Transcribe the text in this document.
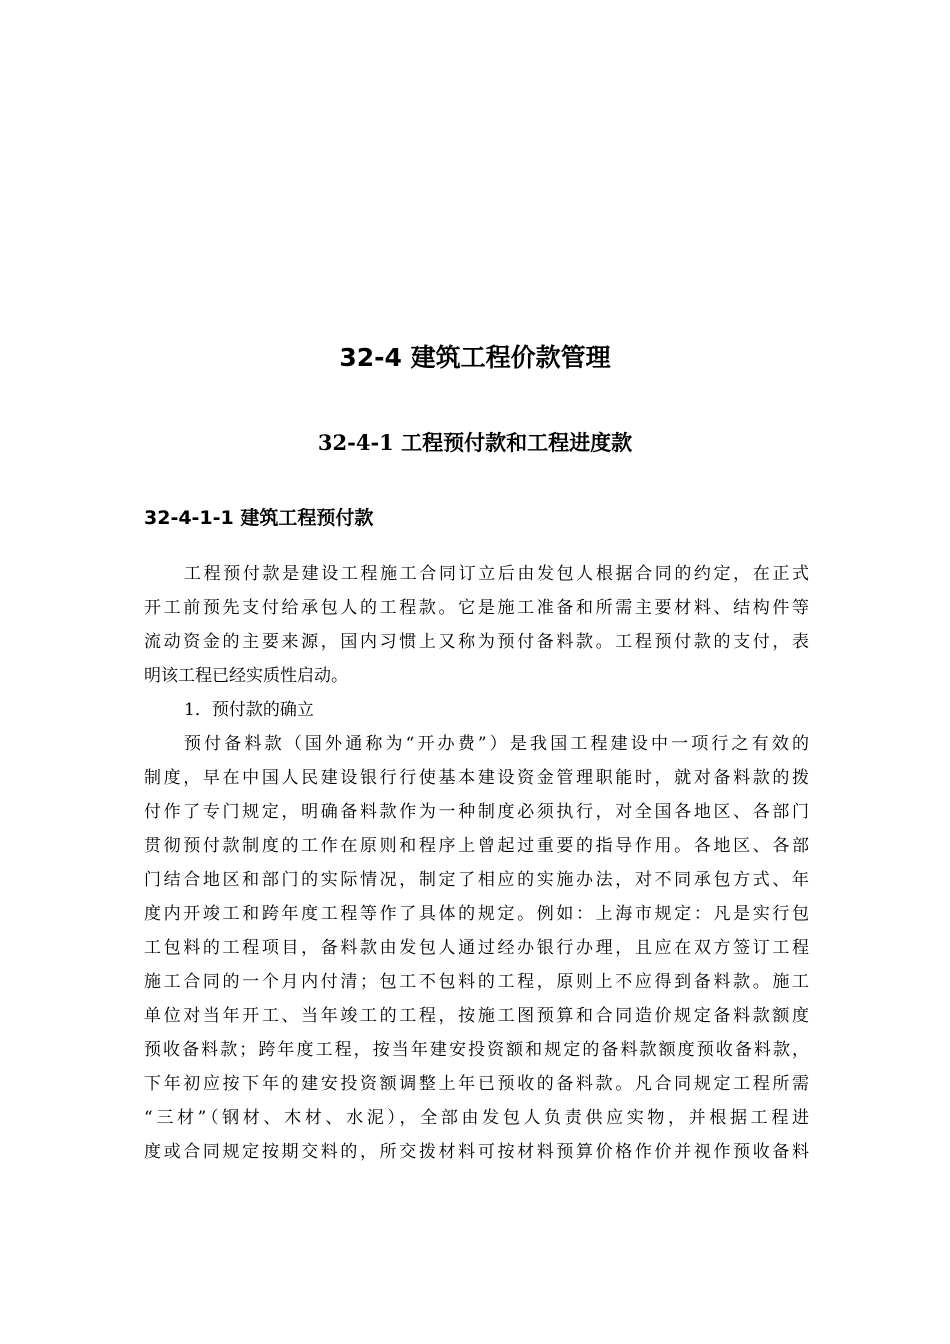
32-4 建筑工程价款管理
32-4-1 工程预付款和工程进度款
32-4-1-1 建筑工程预付款
工程预付款是建设工程施工合同订立后由发包人根据合同的约定，在正式
开工前预先支付给承包人的工程款。它是施工准备和所需主要材料、结构件等
流动资金的主要来源，国内习惯上又称为预付备料款。工程预付款的支付，表
明该工程已经实质性启动。
1．预付款的确立
预付备料款（国外通称为“开办费”）是我国工程建设中一项行之有效的
制度，早在中国人民建设银行行使基本建设资金管理职能时，就对备料款的拨
付作了专门规定，明确备料款作为一种制度必须执行，对全国各地区、各部门
贯彻预付款制度的工作在原则和程序上曾起过重要的指导作用。各地区、各部
门结合地区和部门的实际情况，制定了相应的实施办法，对不同承包方式、年
度内开竣工和跨年度工程等作了具体的规定。例如：上海市规定：凡是实行包
工包料的工程项目，备料款由发包人通过经办银行办理，且应在双方签订工程
施工合同的一个月内付清；包工不包料的工程，原则上不应得到备料款。施工
单位对当年开工、当年竣工的工程，按施工图预算和合同造价规定备料款额度
预收备料款；跨年度工程，按当年建安投资额和规定的备料款额度预收备料款，
下年初应按下年的建安投资额调整上年已预收的备料款。凡合同规定工程所需
“三材”（钢材、木材、水泥），全部由发包人负责供应实物，并根据工程进
度或合同规定按期交料的，所交拨材料可按材料预算价格作价并视作预收备料
